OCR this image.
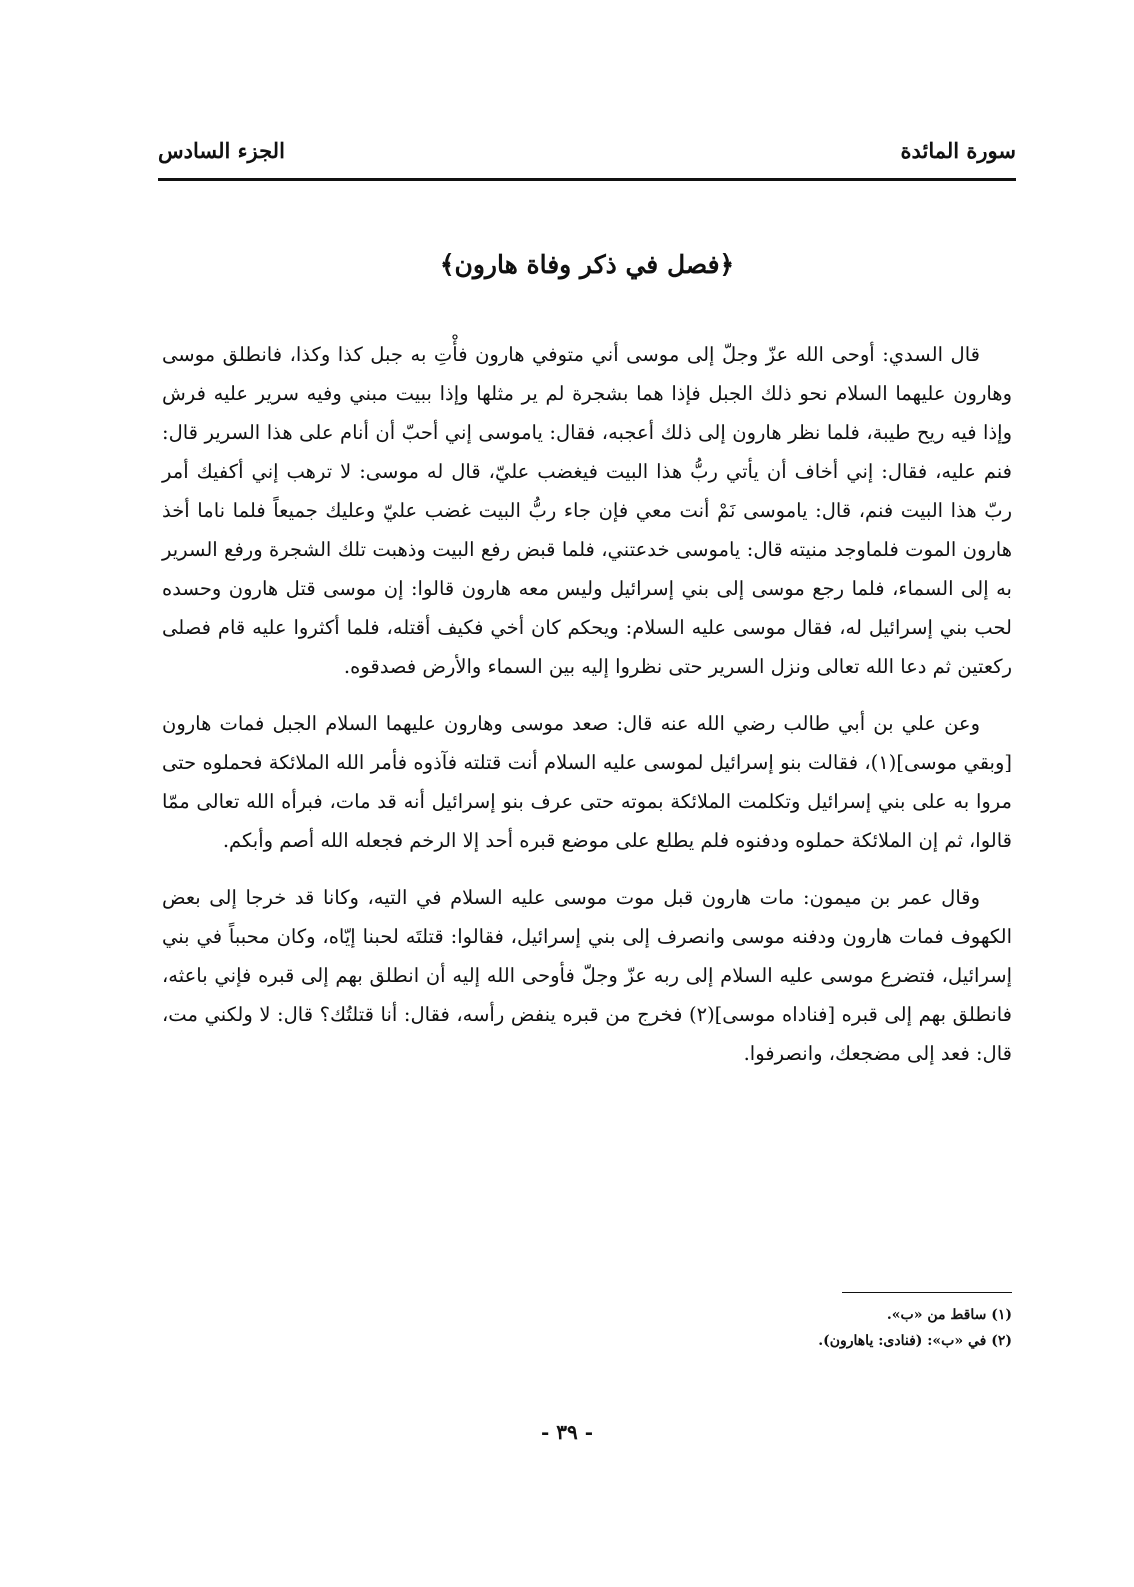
سورة المائدة
الجزء السادس
﴿فصل في ذكر وفاة هارون﴾

قال السدي: أوحى الله عزّ وجلّ إلى موسى أني متوفي هارون فأْتِ به جبل كذا وكذا، فانطلق موسى وهارون عليهما السلام نحو ذلك الجبل فإذا هما بشجرة لم ير مثلها وإذا ببيت مبني وفيه سرير عليه فرش وإذا فيه ريح طيبة، فلما نظر هارون إلى ذلك أعجبه، فقال: ياموسى إني أحبّ أن أنام على هذا السرير قال: فنم عليه، فقال: إني أخاف أن يأتي ربُّ هذا البيت فيغضب عليّ، قال له موسى: لا ترهب إني أكفيك أمر ربّ هذا البيت فنم، قال: ياموسى نَمْ أنت معي فإن جاء ربُّ البيت غضب عليّ وعليك جميعاً فلما ناما أخذ هارون الموت فلماوجد منيته قال: ياموسى خدعتني، فلما قبض رفع البيت وذهبت تلك الشجرة ورفع السرير به إلى السماء، فلما رجع موسى إلى بني إسرائيل وليس معه هارون قالوا: إن موسى قتل هارون وحسده لحب بني إسرائيل له، فقال موسى عليه السلام: ويحكم كان أخي فكيف أقتله، فلما أكثروا عليه قام فصلى ركعتين ثم دعا الله تعالى ونزل السرير حتى نظروا إليه بين السماء والأرض فصدقوه.

وعن علي بن أبي طالب رضي الله عنه قال: صعد موسى وهارون عليهما السلام الجبل فمات هارون [وبقي موسى](١)، فقالت بنو إسرائيل لموسى عليه السلام أنت قتلته فآذوه فأمر الله الملائكة فحملوه حتى مروا به على بني إسرائيل وتكلمت الملائكة بموته حتى عرف بنو إسرائيل أنه قد مات، فبرأه الله تعالى ممّا قالوا، ثم إن الملائكة حملوه ودفنوه فلم يطلع على موضع قبره أحد إلا الرخم فجعله الله أصم وأبكم.

وقال عمر بن ميمون: مات هارون قبل موت موسى عليه السلام في التيه، وكانا قد خرجا إلى بعض الكهوف فمات هارون ودفنه موسى وانصرف إلى بني إسرائيل، فقالوا: قتلتَه لحبنا إيّاه، وكان محبباً في بني إسرائيل، فتضرع موسى عليه السلام إلى ربه عزّ وجلّ فأوحى الله إليه أن انطلق بهم إلى قبره فإني باعثه، فانطلق بهم إلى قبره [فناداه موسى](٢) فخرج من قبره ينفض رأسه، فقال: أنا قتلتُك؟ قال: لا ولكني مت، قال: فعد إلى مضجعك، وانصرفوا.

(١) ساقط من «ب».
(٢) في «ب»: (فنادى: ياهارون).
- ٣٩ -
